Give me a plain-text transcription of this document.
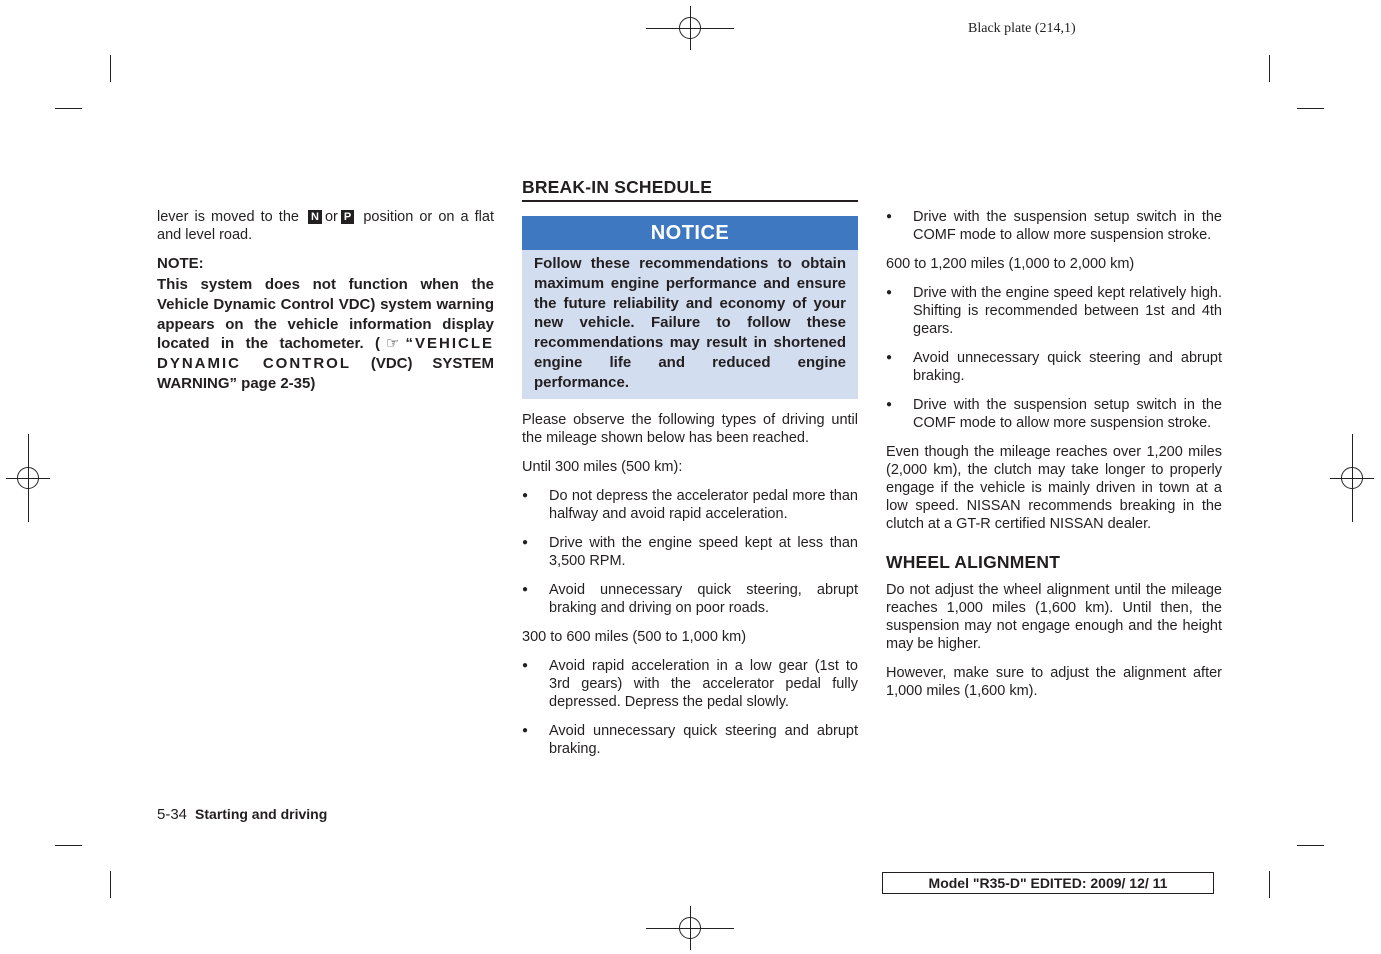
Black plate (214,1)

lever is moved to the N or P position or on a flat and level road.

NOTE:

This system does not function when the Vehicle Dynamic Control VDC) system warning appears on the vehicle information display located in the tachometer. ( ☞ “VEHICLE DYNAMIC CONTROL (VDC) SYSTEM WARNING” page 2-35)
BREAK-IN SCHEDULE
NOTICE
Follow these recommendations to obtain maximum engine performance and ensure the future reliability and economy of your new vehicle. Failure to follow these recommendations may result in shortened engine life and reduced engine performance.

Please observe the following types of driving until the mileage shown below has been reached.

Until 300 miles (500 km):

● Do not depress the accelerator pedal more than halfway and avoid rapid acceleration.
● Drive with the engine speed kept at less than 3,500 RPM.
● Avoid unnecessary quick steering, abrupt braking and driving on poor roads.

300 to 600 miles (500 to 1,000 km)

● Avoid rapid acceleration in a low gear (1st to 3rd gears) with the accelerator pedal fully depressed. Depress the pedal slowly.
● Avoid unnecessary quick steering and abrupt braking.
● Drive with the suspension setup switch in the COMF mode to allow more suspension stroke.

600 to 1,200 miles (1,000 to 2,000 km)

● Drive with the engine speed kept relatively high. Shifting is recommended between 1st and 4th gears.
● Avoid unnecessary quick steering and abrupt braking.
● Drive with the suspension setup switch in the COMF mode to allow more suspension stroke.

Even though the mileage reaches over 1,200 miles (2,000 km), the clutch may take longer to properly engage if the vehicle is mainly driven in town at a low speed. NISSAN recommends breaking in the clutch at a GT-R certified NISSAN dealer.

WHEEL ALIGNMENT

Do not adjust the wheel alignment until the mileage reaches 1,000 miles (1,600 km). Until then, the suspension may not engage enough and the height may be higher.

However, make sure to adjust the alignment after 1,000 miles (1,600 km).

5-34 Starting and driving
Model "R35-D" EDITED: 2009/ 12/ 11
